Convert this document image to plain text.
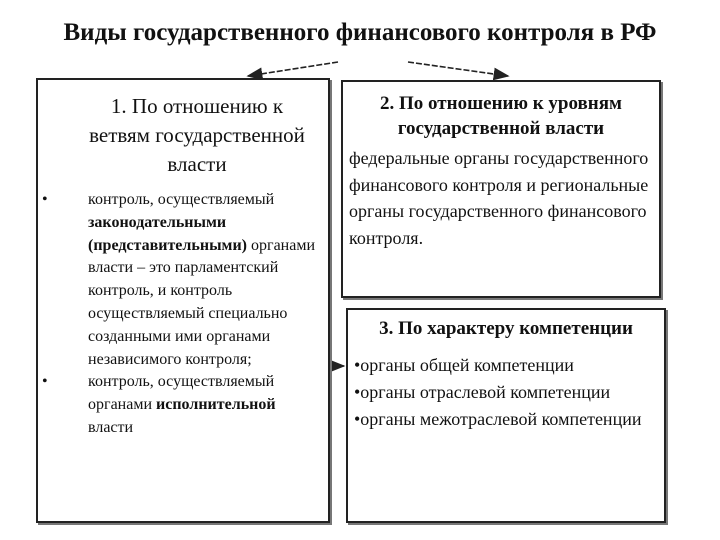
Виды государственного финансового контроля в РФ
1. По отношению к ветвям государственной власти
•	контроль, осуществляемый законодательными (представительными) органами власти – это парламентский контроль, и контроль осуществляемый специально созданными ими органами независимого контроля;
•	контроль, осуществляемый органами исполнительной власти
2. По отношению к уровням государственной власти
федеральные органы государственного финансового контроля и региональные органы государственного финансового контроля.
3. По характеру компетенции
•органы общей компетенции
•органы отраслевой компетенции
•органы межотраслевой компетенции
